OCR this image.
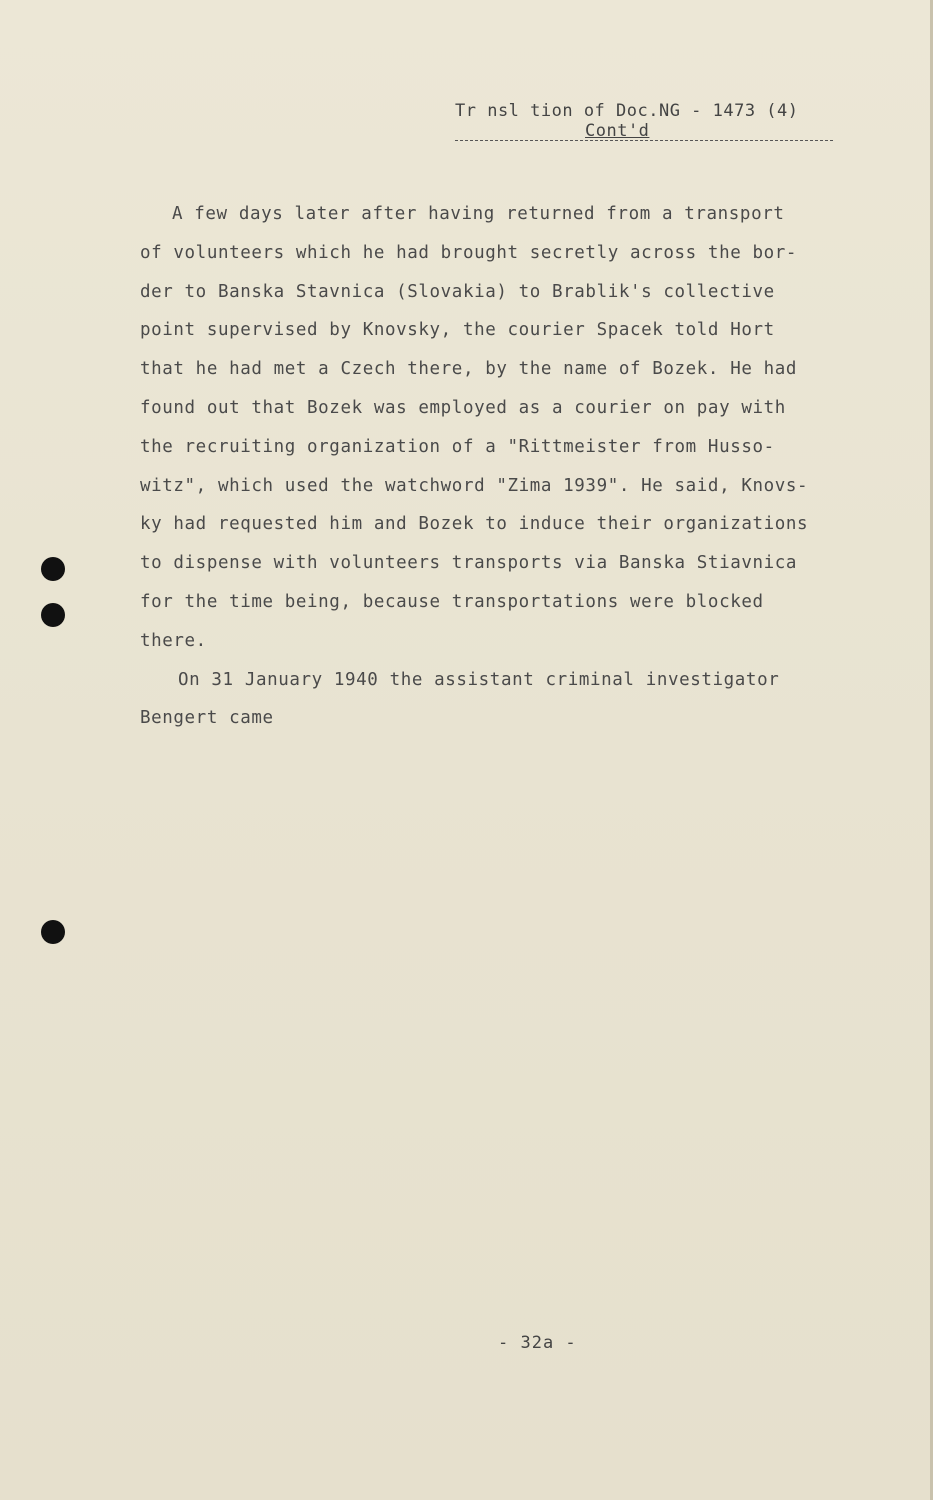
Tr nsl tion of Doc.NG - 1473 (4)
Cont'd

A few days later after having returned from a transport
of volunteers which he had brought secretly across the bor-
der to Banska Stavnica (Slovakia) to Brablik's collective
point supervised by Knovsky, the courier Spacek told Hort
that he had met a Czech there, by the name of Bozek. He had
found out that Bozek was employed as a courier on pay with
the recruiting organization of a "Rittmeister from Husso-
witz", which used the watchword "Zima 1939". He said, Knovs-
ky had requested him and Bozek to induce their organizations
to dispense with volunteers transports via Banska Stiavnica
for the time being, because transportations were blocked
there.

On 31 January 1940 the assistant criminal investigator
Bengert came

- 32a -
